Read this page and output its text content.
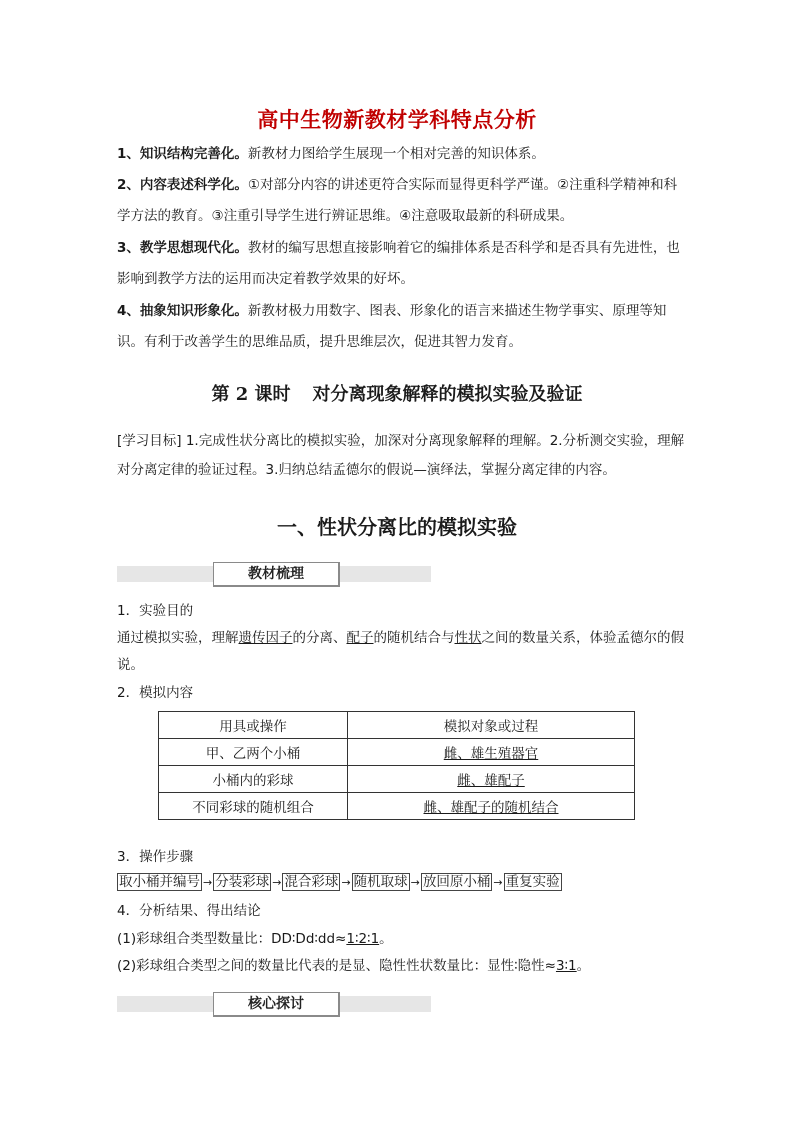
高中生物新教材学科特点分析
1、知识结构完善化。新教材力图给学生展现一个相对完善的知识体系。
2、内容表述科学化。①对部分内容的讲述更符合实际而显得更科学严谨。②注重科学精神和科学方法的教育。③注重引导学生进行辨证思维。④注意吸取最新的科研成果。
3、教学思想现代化。教材的编写思想直接影响着它的编排体系是否科学和是否具有先进性，也影响到教学方法的运用而决定着教学效果的好坏。
4、抽象知识形象化。新教材极力用数字、图表、形象化的语言来描述生物学事实、原理等知识。有利于改善学生的思维品质，提升思维层次，促进其智力发育。
第 2 课时 对分离现象解释的模拟实验及验证
[学习目标] 1.完成性状分离比的模拟实验，加深对分离现象解释的理解。2.分析测交实验，理解对分离定律的验证过程。3.归纳总结孟德尔的假说—演绎法，掌握分离定律的内容。
一、性状分离比的模拟实验
教材梳理
1．实验目的
通过模拟实验，理解遗传因子的分离、配子的随机结合与性状之间的数量关系，体验孟德尔的假说。
2．模拟内容
用具或操作	模拟对象或过程
甲、乙两个小桶	雌、雄生殖器官
小桶内的彩球	雌、雄配子
不同彩球的随机组合	雌、雄配子的随机结合
3．操作步骤
取小桶并编号 → 分装彩球 → 混合彩球 → 随机取球 → 放回原小桶 → 重复实验
4．分析结果、得出结论
(1)彩球组合类型数量比：DD∶Dd∶dd≈1∶2∶1。
(2)彩球组合类型之间的数量比代表的是显、隐性性状数量比：显性∶隐性≈3∶1。
核心探讨
